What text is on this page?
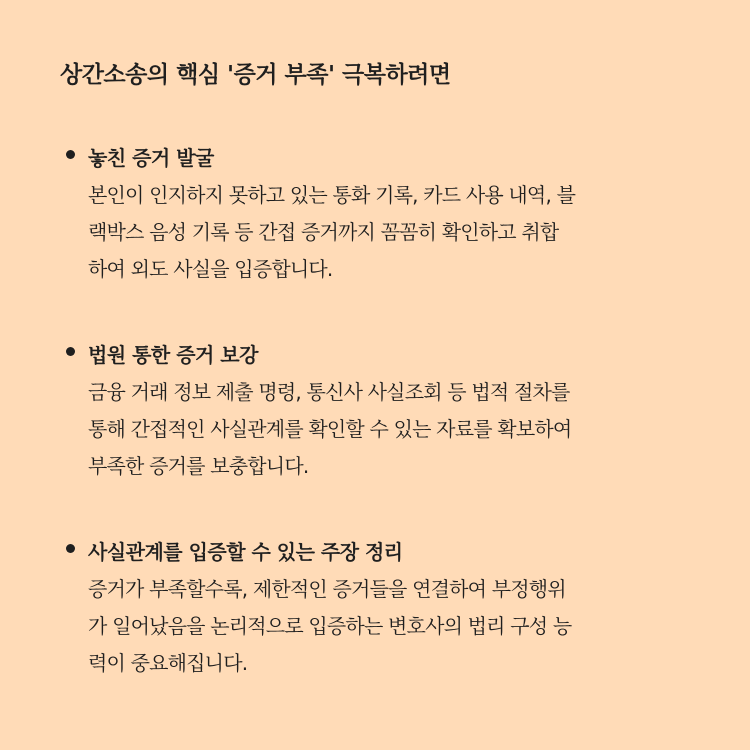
상간소송의 핵심 '증거 부족' 극복하려면
놓친 증거 발굴
본인이 인지하지 못하고 있는 통화 기록, 카드 사용 내역, 블
랙박스 음성 기록 등 간접 증거까지 꼼꼼히 확인하고 취합
하여 외도 사실을 입증합니다.
법원 통한 증거 보강
금융 거래 정보 제출 명령, 통신사 사실조회 등 법적 절차를
통해 간접적인 사실관계를 확인할 수 있는 자료를 확보하여
부족한 증거를 보충합니다.
사실관계를 입증할 수 있는 주장 정리
증거가 부족할수록, 제한적인 증거들을 연결하여 부정행위
가 일어났음을 논리적으로 입증하는 변호사의 법리 구성 능
력이 중요해집니다.
